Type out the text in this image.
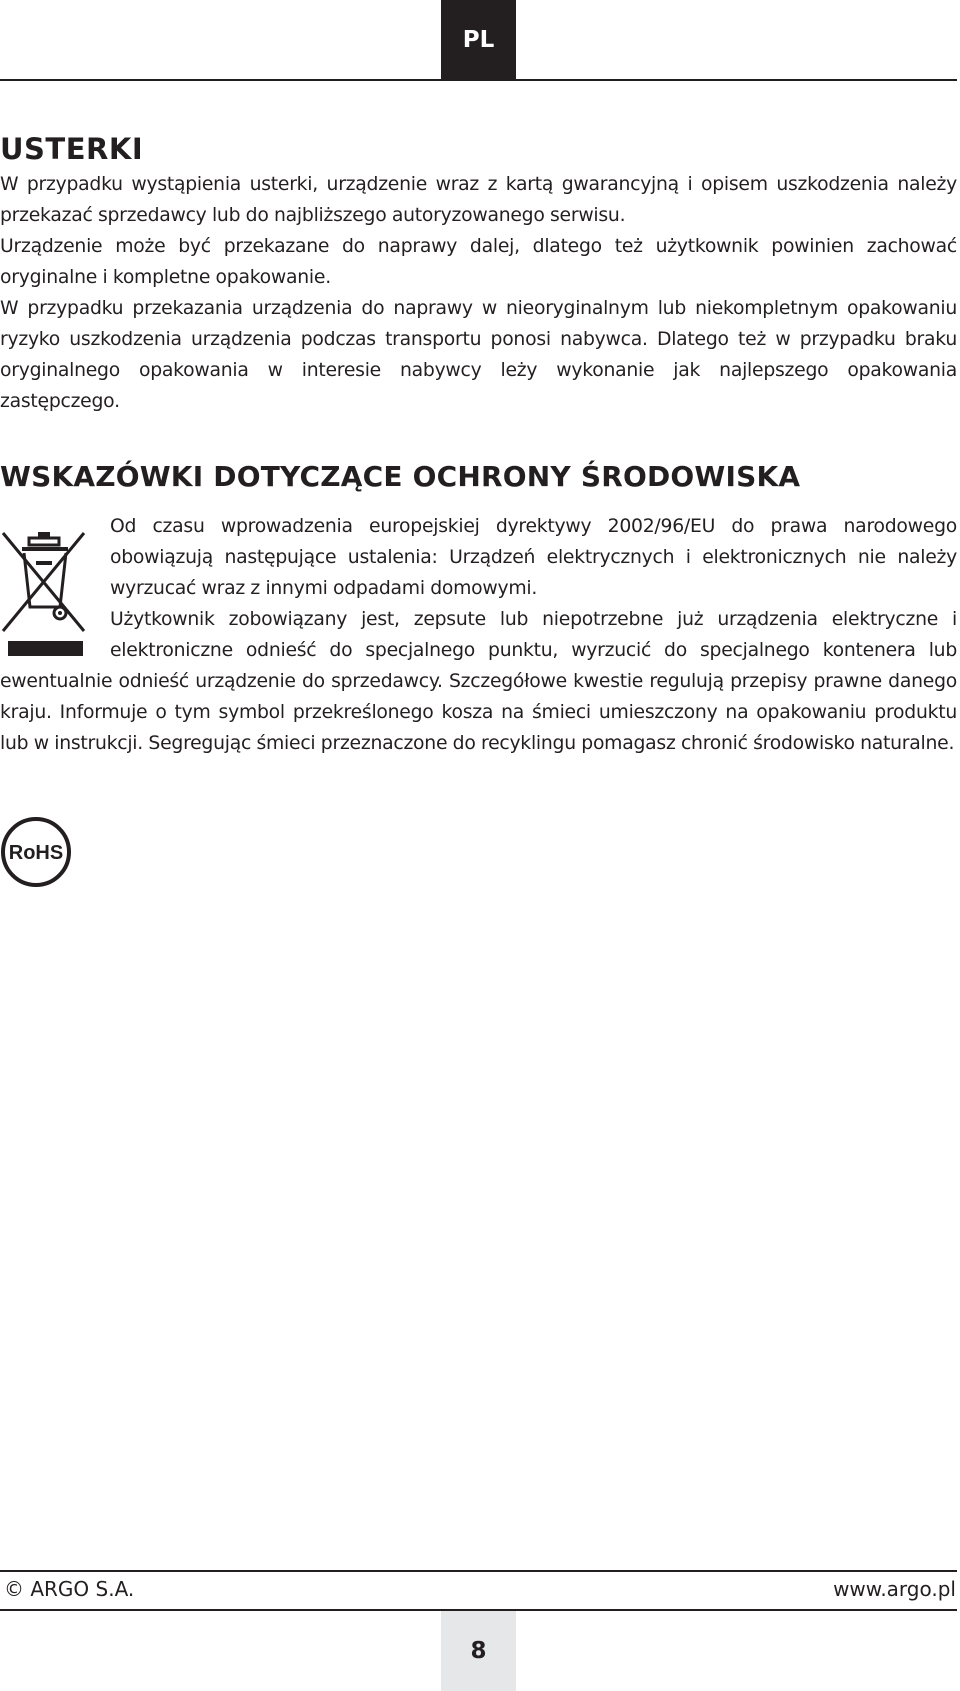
PL
USTERKI

W przypadku wystąpienia usterki, urządzenie wraz z kartą gwarancyjną i opisem uszkodzenia należy przekazać sprzedawcy lub do najbliższego autoryzowanego serwisu.

Urządzenie może być przekazane do naprawy dalej, dlatego też użytkownik powinien zachować oryginalne i kompletne opakowanie.

W przypadku przekazania urządzenia do naprawy w nieoryginalnym lub niekompletnym opakowaniu ryzyko uszkodzenia urządzenia podczas transportu ponosi nabywca. Dlatego też w przypadku braku oryginalnego opakowania w interesie nabywcy leży wykonanie jak najlepszego opakowania zastępczego.

WSKAZÓWKI DOTYCZĄCE OCHRONY ŚRODOWISKA

Od czasu wprowadzenia europejskiej dyrektywy 2002/96/EU do prawa narodowego obowiązują następujące ustalenia: Urządzeń elektrycznych i elektronicznych nie należy wyrzucać wraz z innymi odpadami domowymi.

Użytkownik zobowiązany jest, zepsute lub niepotrzebne już urządzenia elektryczne i elektroniczne odnieść do specjalnego punktu, wyrzucić do specjalnego kontenera lub ewentualnie odnieść urządzenie do sprzedawcy. Szczegółowe kwestie regulują przepisy prawne danego kraju. Informuje o tym symbol przekreślonego kosza na śmieci umieszczony na opakowaniu produktu lub w instrukcji. Segregując śmieci przeznaczone do recyklingu pomagasz chronić środowisko naturalne.

RoHS
© ARGO S.A.	www.argo.pl
8
